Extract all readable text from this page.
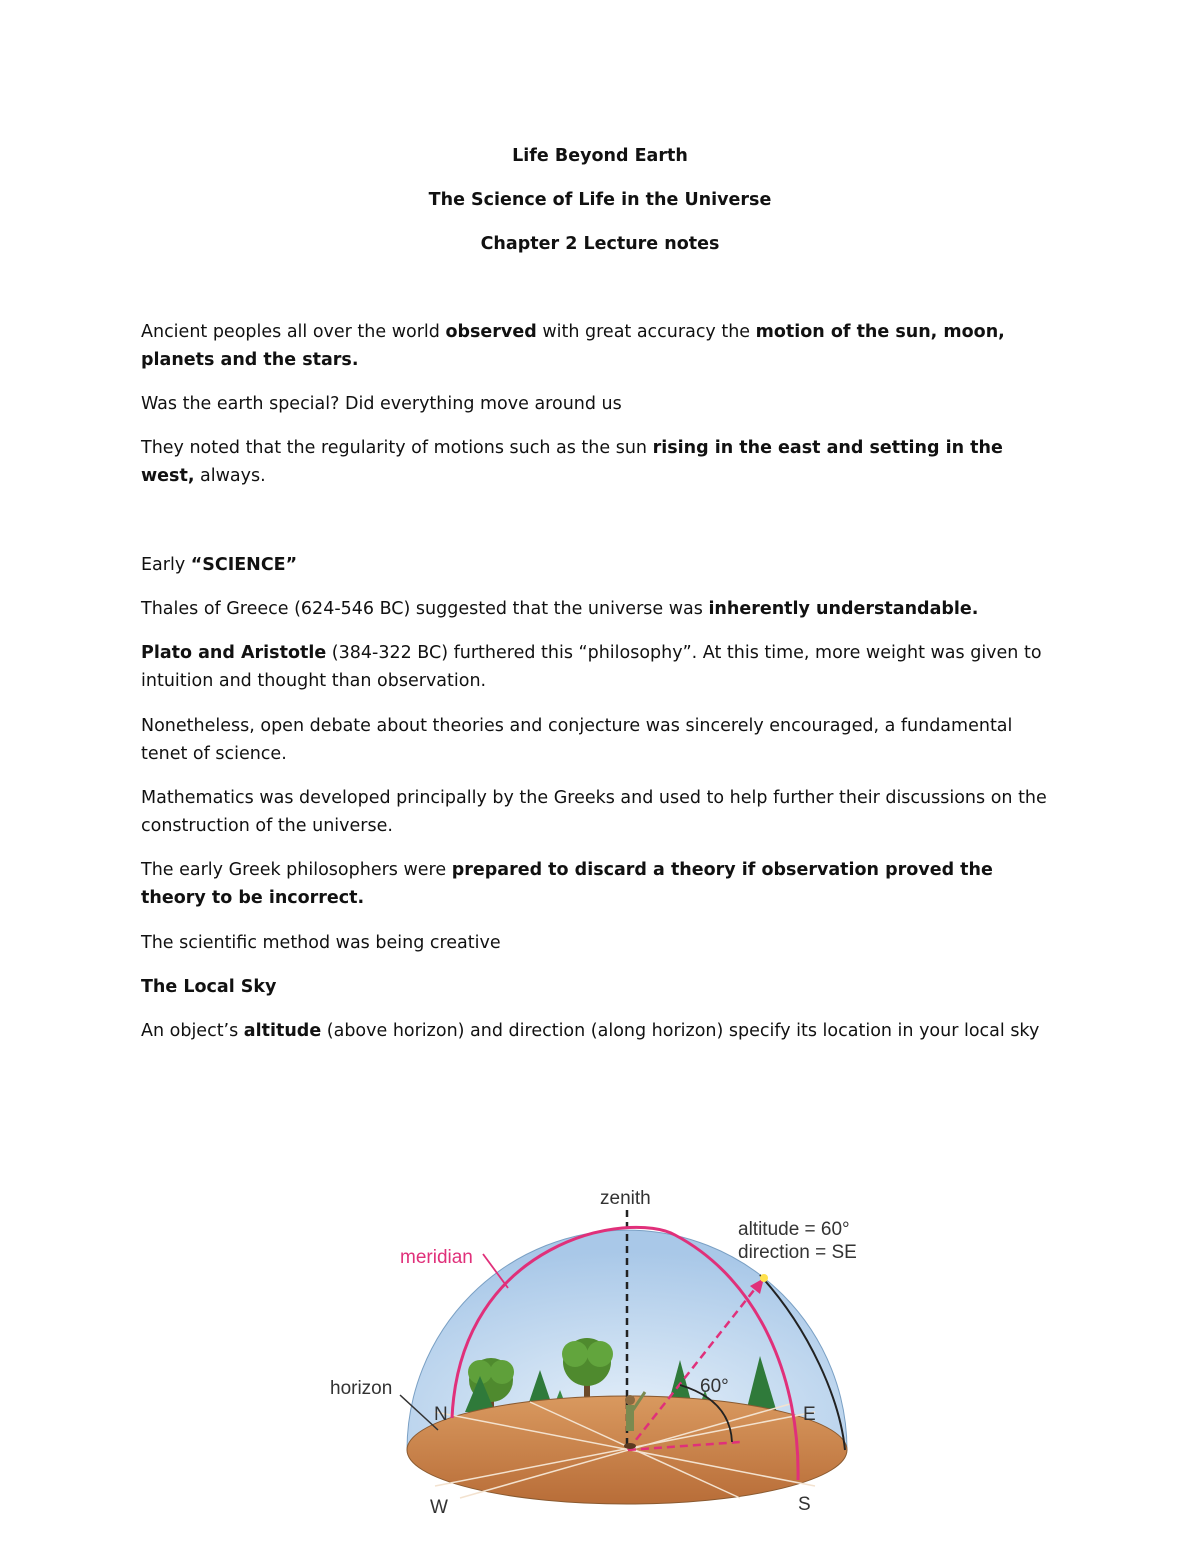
Life Beyond Earth
The Science of Life in the Universe
Chapter 2 Lecture notes

Ancient peoples all over the world observed with great accuracy the motion of the sun, moon, planets and the stars.

Was the earth special? Did everything move around us

They noted that the regularity of motions such as the sun rising in the east and setting in the west, always.

Early “SCIENCE”

Thales of Greece (624-546 BC) suggested that the universe was inherently understandable.

Plato and Aristotle (384-322 BC) furthered this “philosophy”. At this time, more weight was given to intuition and thought than observation.

Nonetheless, open debate about theories and conjecture was sincerely encouraged, a fundamental tenet of science.

Mathematics was developed principally by the Greeks and used to help further their discussions on the construction of the universe.

The early Greek philosophers were prepared to discard a theory if observation proved the theory to be incorrect.

The scientific method was being creative

The Local Sky

An object’s altitude (above horizon) and direction (along horizon) specify its location in your local sky

zenith
meridian
altitude = 60°
direction = SE
horizon	60°
N	E
S
W
